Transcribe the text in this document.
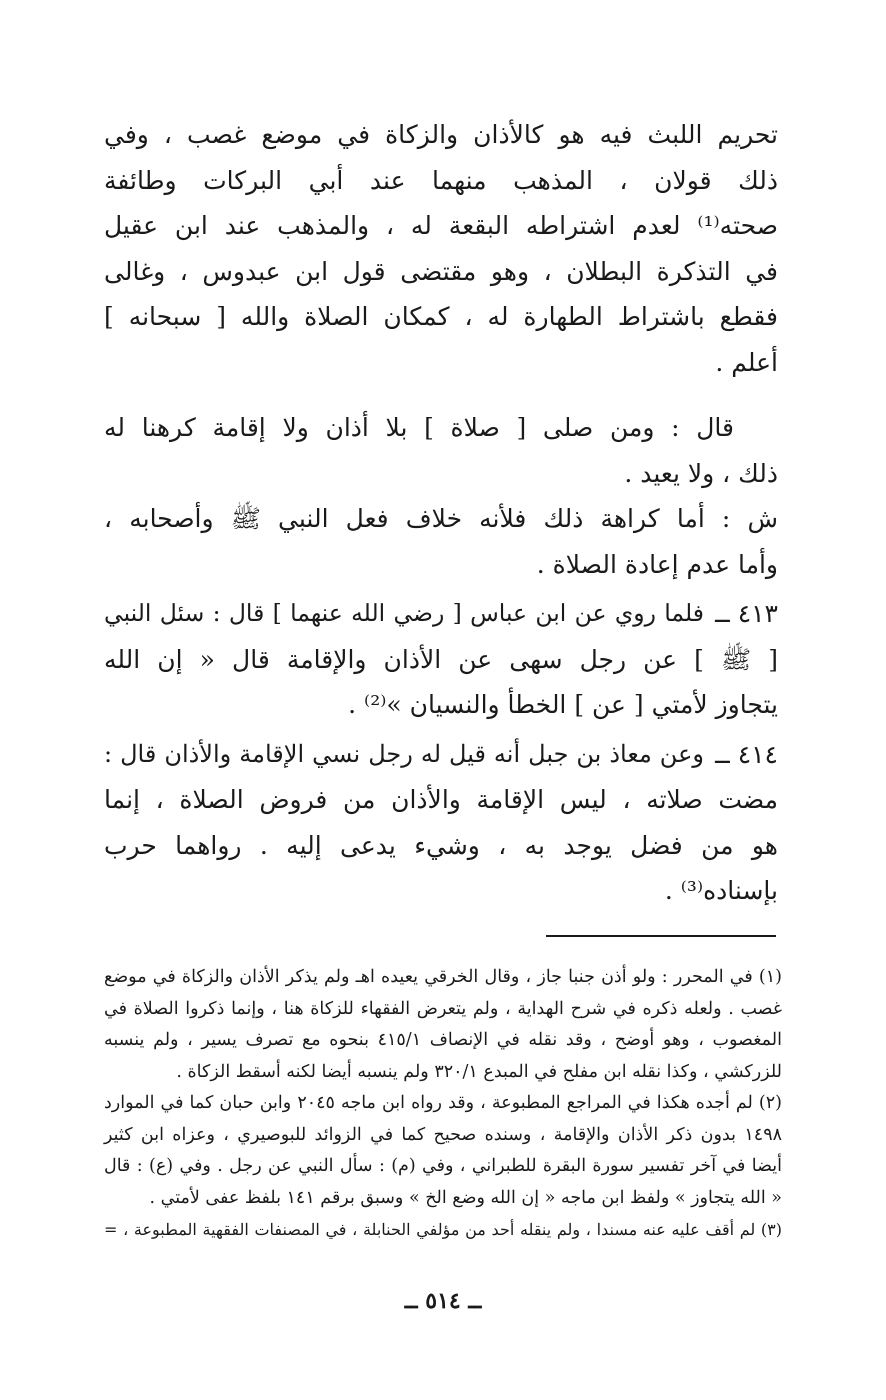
تحريم اللبث فيه هو كالأذان والزكاة في موضع غصب ، وفي
ذلك قولان ، المذهب منهما عند أبي البركات وطائفة
صحته⁽¹⁾ لعدم اشتراطه البقعة له ، والمذهب عند ابن عقيل
في التذكرة البطلان ، وهو مقتضى قول ابن عبدوس ، وغالى
فقطع باشتراط الطهارة له ، كمكان الصلاة والله [ سبحانه ]
أعلم .
قال : ومن صلى [ صلاة ] بلا أذان ولا إقامة كرهنا له
ذلك ، ولا يعيد .
ش : أما كراهة ذلك فلأنه خلاف فعل النبي ﷺ وأصحابه ،
وأما عدم إعادة الصلاة .
٤١٣ ــ
فلما روي عن ابن عباس [ رضي الله عنهما ] قال : سئل النبي
[ ﷺ ] عن رجل سهى عن الأذان والإقامة قال « إن الله
يتجاوز لأمتي [ عن ] الخطأ والنسيان »⁽²⁾ .
٤١٤ ــ
وعن معاذ بن جبل أنه قيل له رجل نسي الإقامة والأذان قال :
مضت صلاته ، ليس الإقامة والأذان من فروض الصلاة ، إنما
هو من فضل يوجد به ، وشيء يدعى إليه . رواهما حرب
بإسناده⁽³⁾ .
(١) في المحرر : ولو أذن جنبا جاز ، وقال الخرقي يعيده اهـ ولم يذكر الأذان والزكاة في موضع
غصب . ولعله ذكره في شرح الهداية ، ولم يتعرض الفقهاء للزكاة هنا ، وإنما ذكروا الصلاة في
المغصوب ، وهو أوضح ، وقد نقله في الإنصاف ٤١٥/١ بنحوه مع تصرف يسير ، ولم ينسبه
للزركشي ، وكذا نقله ابن مفلح في المبدع ٣٢٠/١ ولم ينسبه أيضا لكنه أسقط الزكاة .
(٢) لم أجده هكذا في المراجع المطبوعة ، وقد رواه ابن ماجه ٢٠٤٥ وابن حبان كما في الموارد
١٤٩٨ بدون ذكر الأذان والإقامة ، وسنده صحيح كما في الزوائد للبوصيري ، وعزاه ابن كثير
أيضا في آخر تفسير سورة البقرة للطبراني ، وفي (م) : سأل النبي عن رجل . وفي (ع) : قال
« الله يتجاوز » ولفظ ابن ماجه « إن الله وضع الخ » وسبق برقم ١٤١ بلفظ عفى لأمتي .
(٣) لم أقف عليه عنه مسندا ، ولم ينقله أحد من مؤلفي الحنابلة ، في المصنفات الفقهية المطبوعة ، =
ــ ٥١٤ ــ
